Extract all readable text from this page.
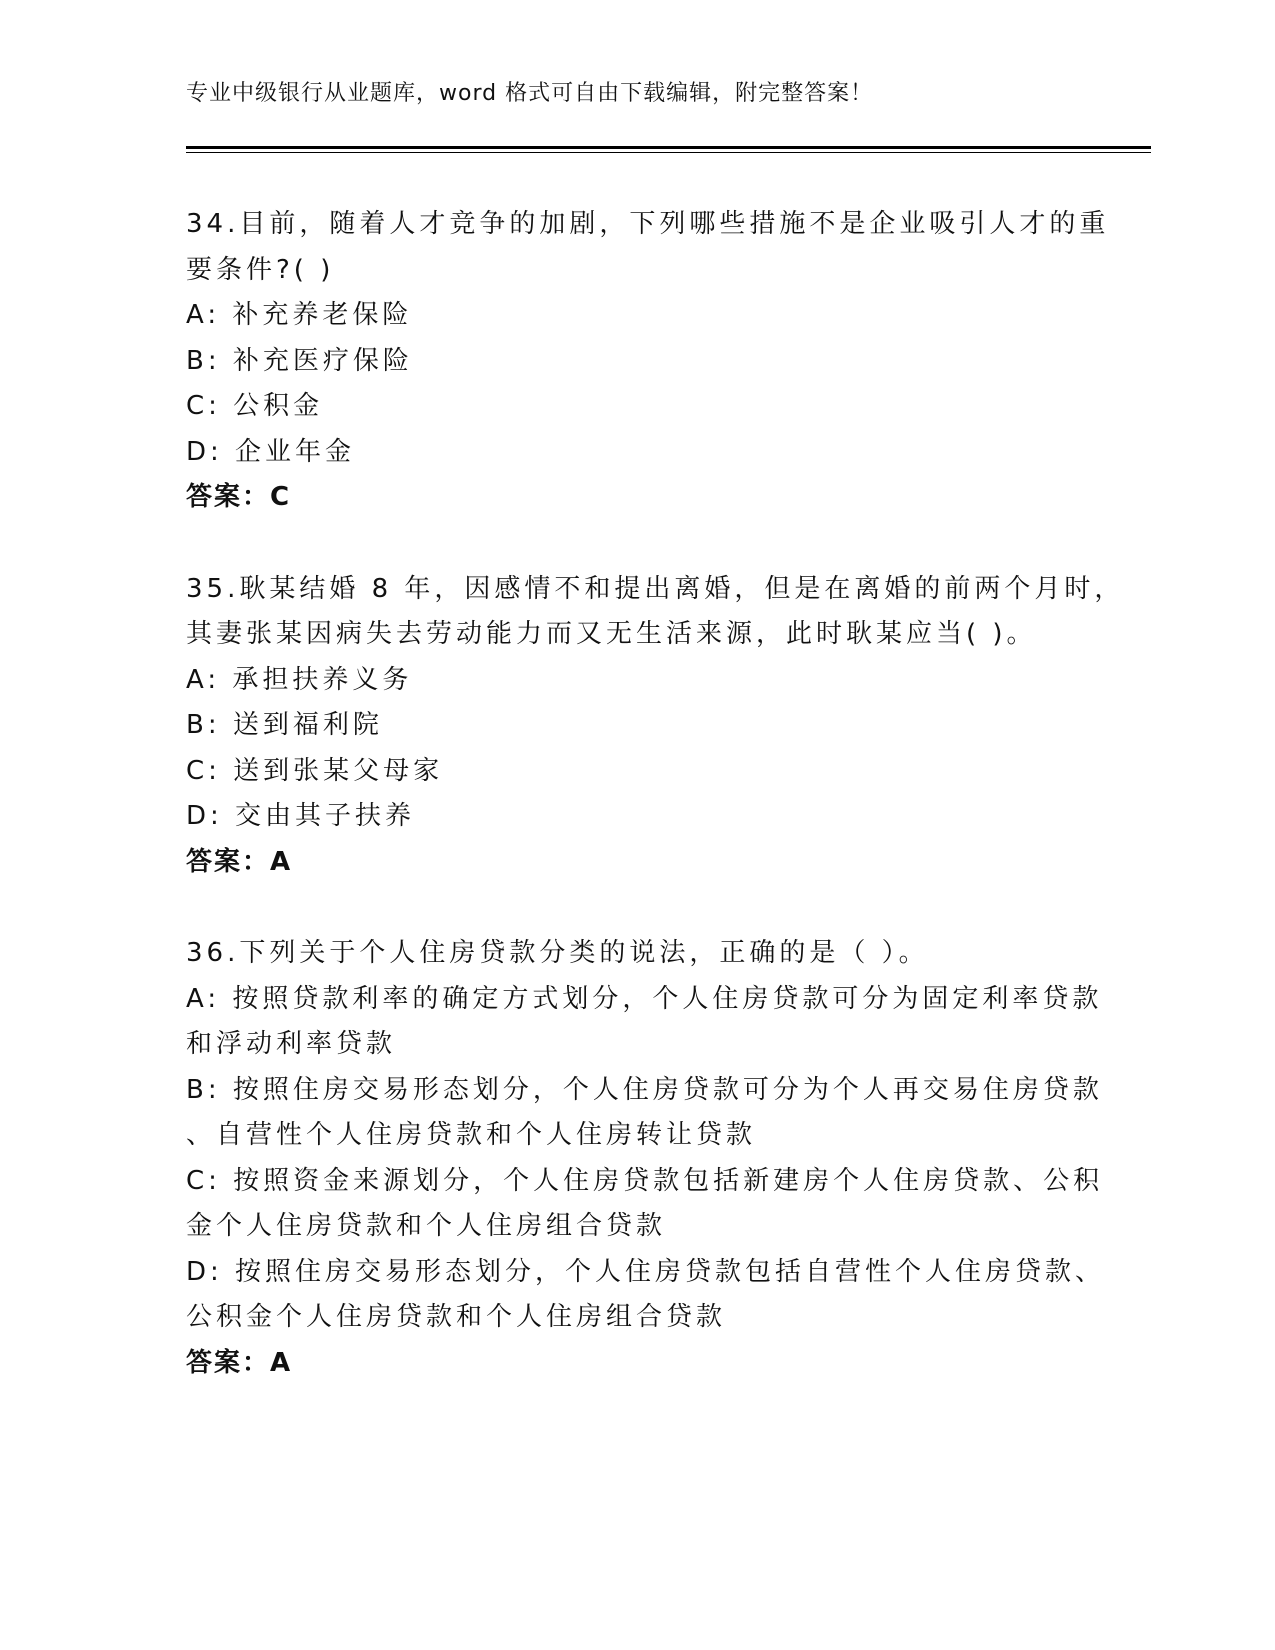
专业中级银行从业题库，word 格式可自由下载编辑，附完整答案！
34.目前，随着人才竞争的加剧，下列哪些措施不是企业吸引人才的重
要条件?( )
A: 补充养老保险
B: 补充医疗保险
C: 公积金
D: 企业年金
答案：C
35.耿某结婚 8 年，因感情不和提出离婚，但是在离婚的前两个月时，
其妻张某因病失去劳动能力而又无生活来源，此时耿某应当( )。
A: 承担扶养义务
B: 送到福利院
C: 送到张某父母家
D: 交由其子扶养
答案：A
36.下列关于个人住房贷款分类的说法，正确的是（ ）。
A: 按照贷款利率的确定方式划分，个人住房贷款可分为固定利率贷款
和浮动利率贷款
B: 按照住房交易形态划分，个人住房贷款可分为个人再交易住房贷款
、自营性个人住房贷款和个人住房转让贷款
C: 按照资金来源划分，个人住房贷款包括新建房个人住房贷款、公积
金个人住房贷款和个人住房组合贷款
D: 按照住房交易形态划分，个人住房贷款包括自营性个人住房贷款、
公积金个人住房贷款和个人住房组合贷款
答案：A
